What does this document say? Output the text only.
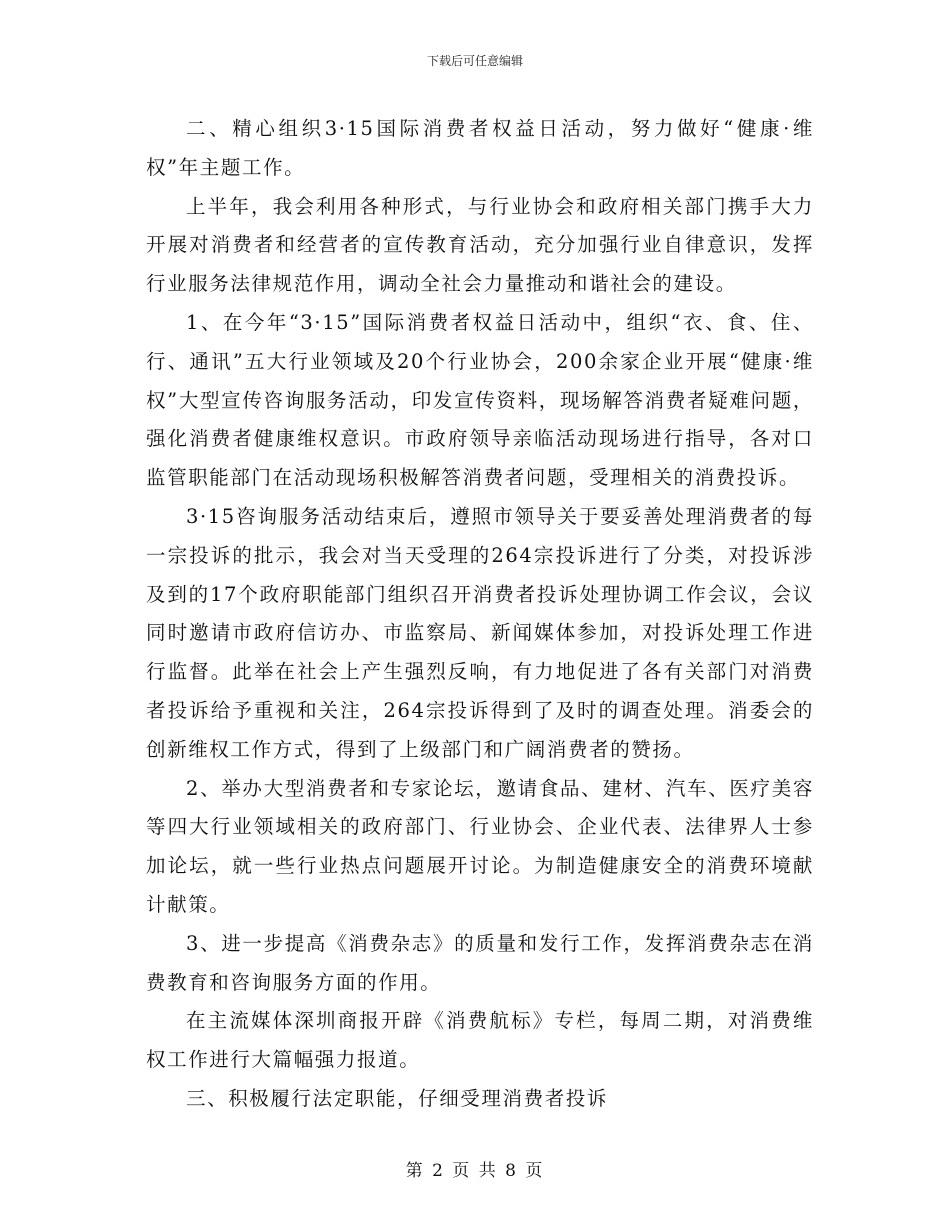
下载后可任意编辑

二、精心组织3·15国际消费者权益日活动，努力做好“健康·维权”年主题工作。

上半年，我会利用各种形式，与行业协会和政府相关部门携手大力开展对消费者和经营者的宣传教育活动，充分加强行业自律意识，发挥行业服务法律规范作用，调动全社会力量推动和谐社会的建设。

1、在今年“3·15”国际消费者权益日活动中，组织“衣、食、住、行、通讯”五大行业领域及20个行业协会，200余家企业开展“健康·维权”大型宣传咨询服务活动，印发宣传资料，现场解答消费者疑难问题，强化消费者健康维权意识。市政府领导亲临活动现场进行指导，各对口监管职能部门在活动现场积极解答消费者问题，受理相关的消费投诉。

3·15咨询服务活动结束后，遵照市领导关于要妥善处理消费者的每一宗投诉的批示，我会对当天受理的264宗投诉进行了分类，对投诉涉及到的17个政府职能部门组织召开消费者投诉处理协调工作会议，会议同时邀请市政府信访办、市监察局、新闻媒体参加，对投诉处理工作进行监督。此举在社会上产生强烈反响，有力地促进了各有关部门对消费者投诉给予重视和关注，264宗投诉得到了及时的调查处理。消委会的创新维权工作方式，得到了上级部门和广阔消费者的赞扬。

2、举办大型消费者和专家论坛，邀请食品、建材、汽车、医疗美容等四大行业领域相关的政府部门、行业协会、企业代表、法律界人士参加论坛，就一些行业热点问题展开讨论。为制造健康安全的消费环境献计献策。

3、进一步提高《消费杂志》的质量和发行工作，发挥消费杂志在消费教育和咨询服务方面的作用。

在主流媒体深圳商报开辟《消费航标》专栏，每周二期，对消费维权工作进行大篇幅强力报道。

三、积极履行法定职能，仔细受理消费者投诉

第 2 页 共 8 页
